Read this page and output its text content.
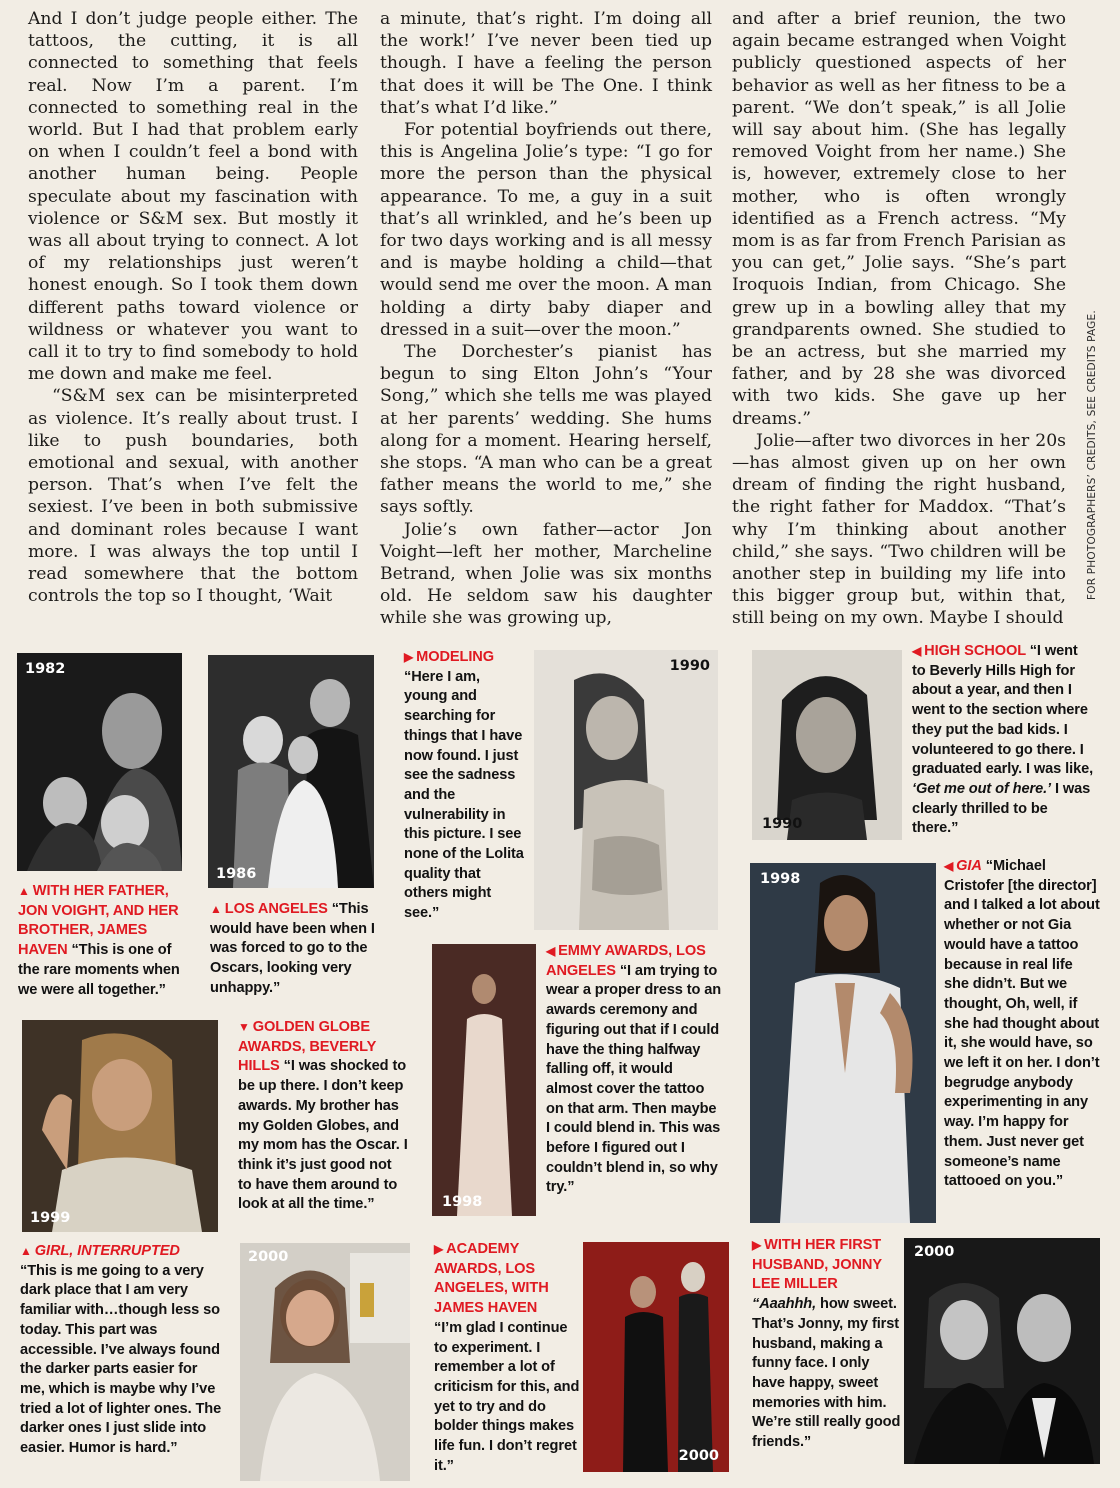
And I don’t judge people either. The tattoos, the cutting, it is all connected to something that feels real. Now I’m a parent. I’m connected to something real in the world. But I had that problem early on when I couldn’t feel a bond with another human being. People speculate about my fascination with violence or S&M sex. But mostly it was all about trying to connect. A lot of my relationships just weren’t honest enough. So I took them down different paths toward violence or wildness or whatever you want to call it to try to find somebody to hold me down and make me feel.

“S&M sex can be misinterpreted as violence. It’s really about trust. I like to push boundaries, both emotional and sexual, with another person. That’s when I’ve felt the sexiest. I’ve been in both submissive and dominant roles because I want more. I was always the top until I read somewhere that the bottom controls the top so I thought, ‘Wait

a minute, that’s right. I’m doing all the work!’ I’ve never been tied up though. I have a feeling the person that does it will be The One. I think that’s what I’d like.”

For potential boyfriends out there, this is Angelina Jolie’s type: “I go for more the person than the physical appearance. To me, a guy in a suit that’s all wrinkled, and he’s been up for two days working and is all messy and is maybe holding a child—that would send me over the moon. A man holding a dirty baby diaper and dressed in a suit—over the moon.”

The Dorchester’s pianist has begun to sing Elton John’s “Your Song,” which she tells me was played at her parents’ wedding. She hums along for a moment. Hearing herself, she stops. “A man who can be a great father means the world to me,” she says softly.

Jolie’s own father—actor Jon Voight—left her mother, Marcheline Betrand, when Jolie was six months old. He seldom saw his daughter while she was growing up,

and after a brief reunion, the two again became estranged when Voight publicly questioned aspects of her behavior as well as her fitness to be a parent. “We don’t speak,” is all Jolie will say about him. (She has legally removed Voight from her name.) She is, however, extremely close to her mother, who is often wrongly identified as a French actress. “My mom is as far from French Parisian as you can get,” Jolie says. “She’s part Iroquois Indian, from Chicago. She grew up in a bowling alley that my grandparents owned. She studied to be an actress, but she married my father, and by 28 she was divorced with two kids. She gave up her dreams.”

Jolie—after two divorces in her 20s—has almost given up on her own dream of finding the right husband, the right father for Maddox. “That’s why I’m thinking about another child,” she says. “Two children will be another step in building my life into this bigger group but, within that, still being on my own. Maybe I should

FOR PHOTOGRAPHERS’ CREDITS, SEE CREDITS PAGE.
1982
1986
1990
1990
1998
1998
1999
2000
2000
2000
▲ WITH HER FATHER, JON VOIGHT, AND HER BROTHER, JAMES HAVEN “This is one of the rare moments when we were all together.”
▲ LOS ANGELES “This would have been when I was forced to go to the Oscars, looking very unhappy.”
▶ MODELING
“Here I am, young and searching for things that I have now found. I just see the sadness and the vulnerability in this picture. I see none of the Lolita quality that others might see.”
◀ HIGH SCHOOL “I went to Beverly Hills High for about a year, and then I went to the section where they put the bad kids. I volunteered to go there. I graduated early. I was like, ‘Get me out of here.’ I was clearly thrilled to be there.”
◀ GIA “Michael Cristofer [the director] and I talked a lot about whether or not Gia would have a tattoo because in real life she didn’t. But we thought, Oh, well, if she had thought about it, she would have, so we left it on her. I don’t begrudge anybody experimenting in any way. I’m happy for them. Just never get someone’s name tattooed on you.”
◀ EMMY AWARDS, LOS ANGELES “I am trying to wear a proper dress to an awards ceremony and figuring out that if I could have the thing halfway falling off, it would almost cover the tattoo on that arm. Then maybe I could blend in. This was before I figured out I couldn’t blend in, so why try.”
▼ GOLDEN GLOBE AWARDS, BEVERLY HILLS “I was shocked to be up there. I don’t keep awards. My brother has my Golden Globes, and my mom has the Oscar. I think it’s just good not to have them around to look at all the time.”
▲ GIRL, INTERRUPTED
“This is me going to a very dark place that I am very familiar with…though less so today. This part was accessible. I’ve always found the darker parts easier for me, which is maybe why I’ve tried a lot of lighter ones. The darker ones I just slide into easier. Humor is hard.”
▶ ACADEMY AWARDS, LOS ANGELES, WITH JAMES HAVEN
“I’m glad I continue to experiment. I remember a lot of criticism for this, and yet to try and do bolder things makes life fun. I don’t regret it.”
▶ WITH HER FIRST HUSBAND, JONNY LEE MILLER “Aaahhh, how sweet. That’s Jonny, my first husband, making a funny face. I only have happy, sweet memories with him. We’re still really good friends.”
